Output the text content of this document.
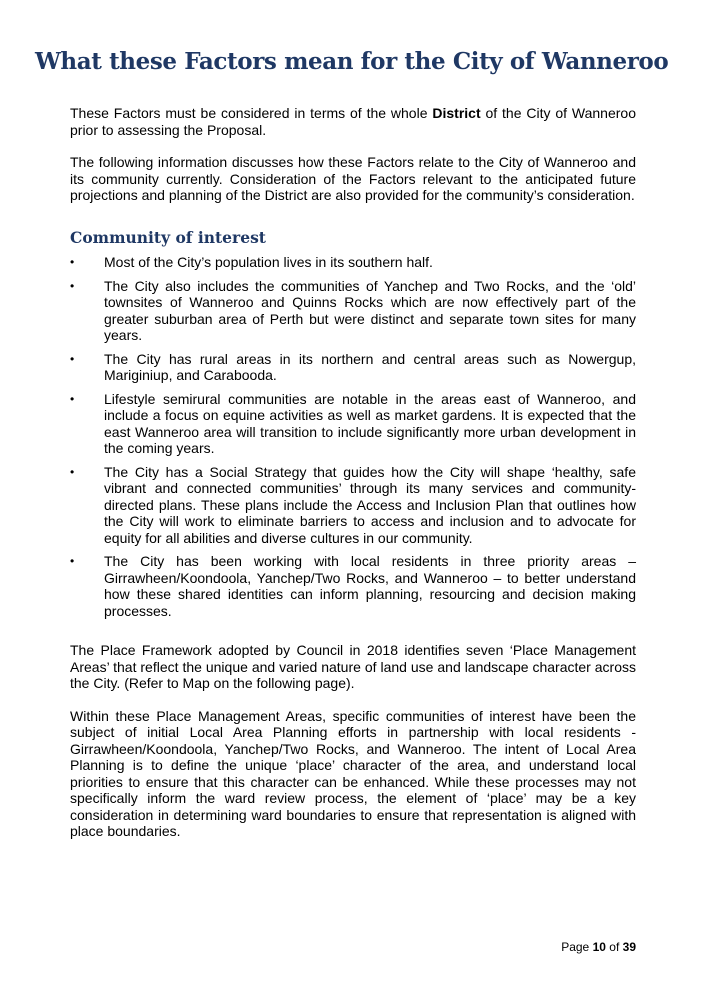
What these Factors mean for the City of Wanneroo

These Factors must be considered in terms of the whole District of the City of Wanneroo prior to assessing the Proposal.

The following information discusses how these Factors relate to the City of Wanneroo and its community currently. Consideration of the Factors relevant to the anticipated future projections and planning of the District are also provided for the community’s consideration.

Community of interest
• Most of the City’s population lives in its southern half.
• The City also includes the communities of Yanchep and Two Rocks, and the ‘old’ townsites of Wanneroo and Quinns Rocks which are now effectively part of the greater suburban area of Perth but were distinct and separate town sites for many years.
• The City has rural areas in its northern and central areas such as Nowergup, Mariginiup, and Carabooda.
• Lifestyle semirural communities are notable in the areas east of Wanneroo, and include a focus on equine activities as well as market gardens. It is expected that the east Wanneroo area will transition to include significantly more urban development in the coming years.
• The City has a Social Strategy that guides how the City will shape ‘healthy, safe vibrant and connected communities’ through its many services and community-directed plans. These plans include the Access and Inclusion Plan that outlines how the City will work to eliminate barriers to access and inclusion and to advocate for equity for all abilities and diverse cultures in our community.
• The City has been working with local residents in three priority areas – Girrawheen/Koondoola, Yanchep/Two Rocks, and Wanneroo – to better understand how these shared identities can inform planning, resourcing and decision making processes.

The Place Framework adopted by Council in 2018 identifies seven ‘Place Management Areas’ that reflect the unique and varied nature of land use and landscape character across the City. (Refer to Map on the following page).

Within these Place Management Areas, specific communities of interest have been the subject of initial Local Area Planning efforts in partnership with local residents - Girrawheen/Koondoola, Yanchep/Two Rocks, and Wanneroo. The intent of Local Area Planning is to define the unique ‘place’ character of the area, and understand local priorities to ensure that this character can be enhanced. While these processes may not specifically inform the ward review process, the element of ‘place’ may be a key consideration in determining ward boundaries to ensure that representation is aligned with place boundaries.

Page 10 of 39
